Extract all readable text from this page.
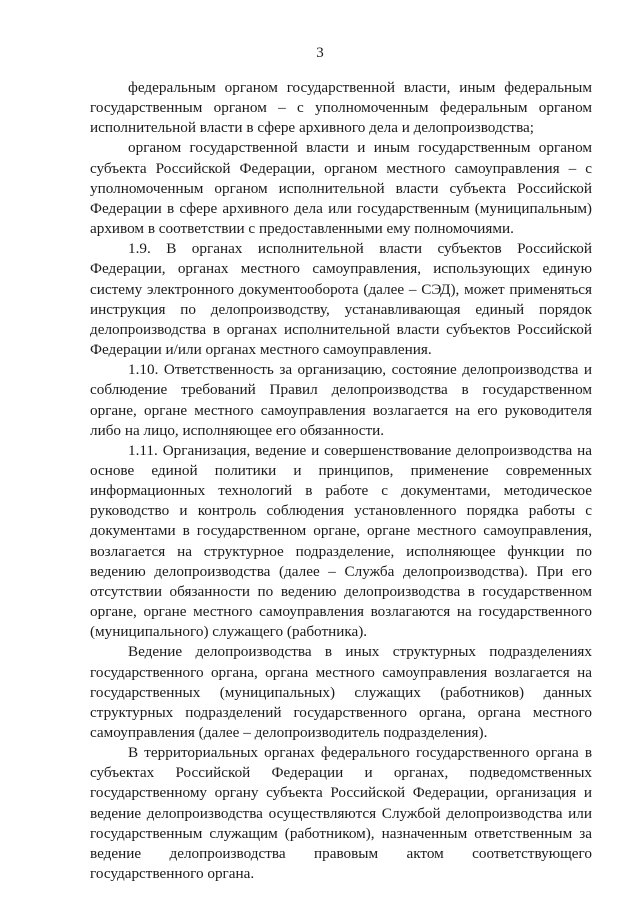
3

федеральным органом государственной власти, иным федеральным государственным органом – с уполномоченным федеральным органом исполнительной власти в сфере архивного дела и делопроизводства;

органом государственной власти и иным государственным органом субъекта Российской Федерации, органом местного самоуправления – с уполномоченным органом исполнительной власти субъекта Российской Федерации в сфере архивного дела или государственным (муниципальным) архивом в соответствии с предоставленными ему полномочиями.

1.9. В органах исполнительной власти субъектов Российской Федерации, органах местного самоуправления, использующих единую систему электронного документооборота (далее – СЭД), может применяться инструкция по делопроизводству, устанавливающая единый порядок делопроизводства в органах исполнительной власти субъектов Российской Федерации и/или органах местного самоуправления.

1.10. Ответственность за организацию, состояние делопроизводства и соблюдение требований Правил делопроизводства в государственном органе, органе местного самоуправления возлагается на его руководителя либо на лицо, исполняющее его обязанности.

1.11. Организация, ведение и совершенствование делопроизводства на основе единой политики и принципов, применение современных информационных технологий в работе с документами, методическое руководство и контроль соблюдения установленного порядка работы с документами в государственном органе, органе местного самоуправления, возлагается на структурное подразделение, исполняющее функции по ведению делопроизводства (далее – Служба делопроизводства). При его отсутствии обязанности по ведению делопроизводства в государственном органе, органе местного самоуправления возлагаются на государственного (муниципального) служащего (работника).

Ведение делопроизводства в иных структурных подразделениях государственного органа, органа местного самоуправления возлагается на государственных (муниципальных) служащих (работников) данных структурных подразделений государственного органа, органа местного самоуправления (далее – делопроизводитель подразделения).

В территориальных органах федерального государственного органа в субъектах Российской Федерации и органах, подведомственных государственному органу субъекта Российской Федерации, организация и ведение делопроизводства осуществляются Службой делопроизводства или государственным служащим (работником), назначенным ответственным за ведение делопроизводства правовым актом соответствующего государственного органа.
